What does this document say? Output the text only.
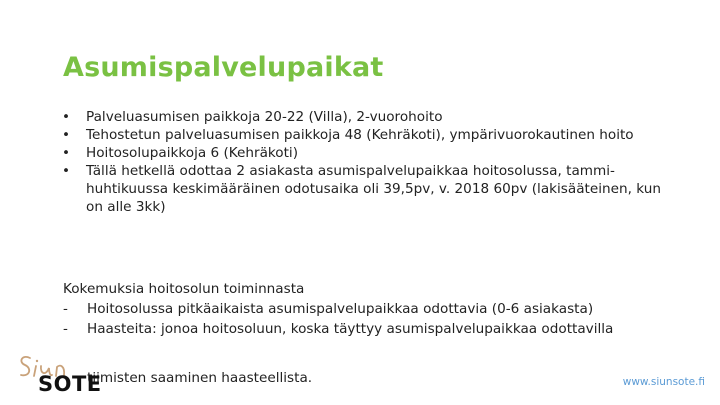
Asumispalvelupaikat
• Palveluasumisen paikkoja 20-22 (Villa), 2-vuorohoito
• Tehostetun palveluasumisen paikkoja 48 (Kehräkoti), ympärivuorokautinen hoito
• Hoitosolupaikkoja 6 (Kehräkoti)
• Tällä hetkellä odottaa 2 asiakasta asumispalvelupaikkaa hoitosolussa, tammi-huhtikuussa keskimääräinen odotusaika oli 39,5pv, v. 2018 60pv (lakisääteinen, kun on alle 3kk)
Kokemuksia hoitosolun toiminnasta
- Hoitosolussa pitkäaikaista asumispalvelupaikkaa odottavia (0-6 asiakasta)
- Haasteita: jonoa hoitosoluun, koska täyttyy asumispalvelupaikkaa odottavilla
tiimisten saaminen haasteellista.
SOTE	www.siunsote.fi
